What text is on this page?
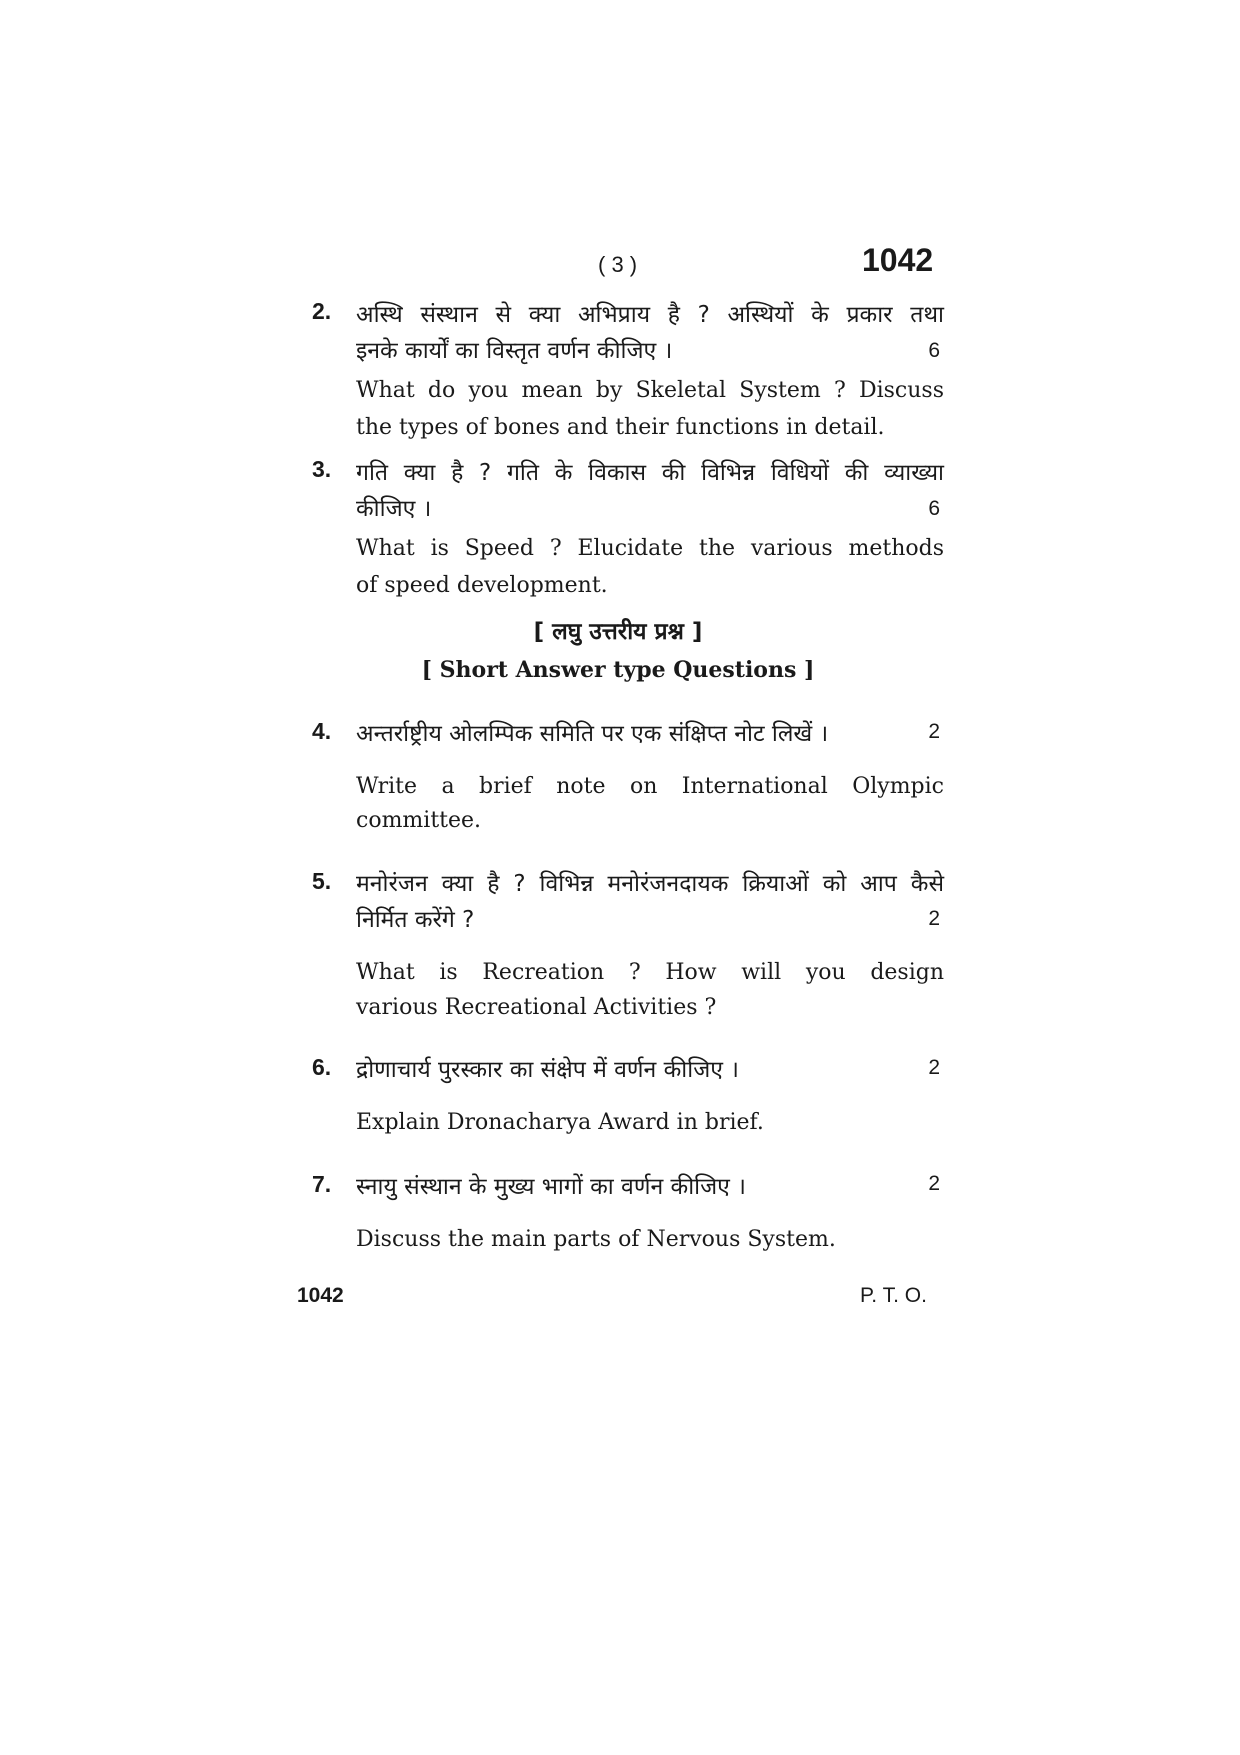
( 3 )	1042
2. अस्थि संस्थान से क्या अभिप्राय है ? अस्थियों के प्रकार तथा
इनके कार्यों का विस्तृत वर्णन कीजिए ।	6
What do you mean by Skeletal System ? Discuss
the types of bones and their functions in detail.
3. गति क्या है ? गति के विकास की विभिन्न विधियों की व्याख्या
कीजिए ।	6
What is Speed ? Elucidate the various methods
of speed development.
[ लघु उत्तरीय प्रश्न ]
[ Short Answer type Questions ]
4. अन्तर्राष्ट्रीय ओलम्पिक समिति पर एक संक्षिप्त नोट लिखें ।	2
Write a brief note on International Olympic
committee.
5. मनोरंजन क्या है ? विभिन्न मनोरंजनदायक क्रियाओं को आप कैसे
निर्मित करेंगे ?	2
What is Recreation ? How will you design
various Recreational Activities ?
6. द्रोणाचार्य पुरस्कार का संक्षेप में वर्णन कीजिए ।	2
Explain Dronacharya Award in brief.
7. स्नायु संस्थान के मुख्य भागों का वर्णन कीजिए ।	2
Discuss the main parts of Nervous System.
1042	P. T. O.
